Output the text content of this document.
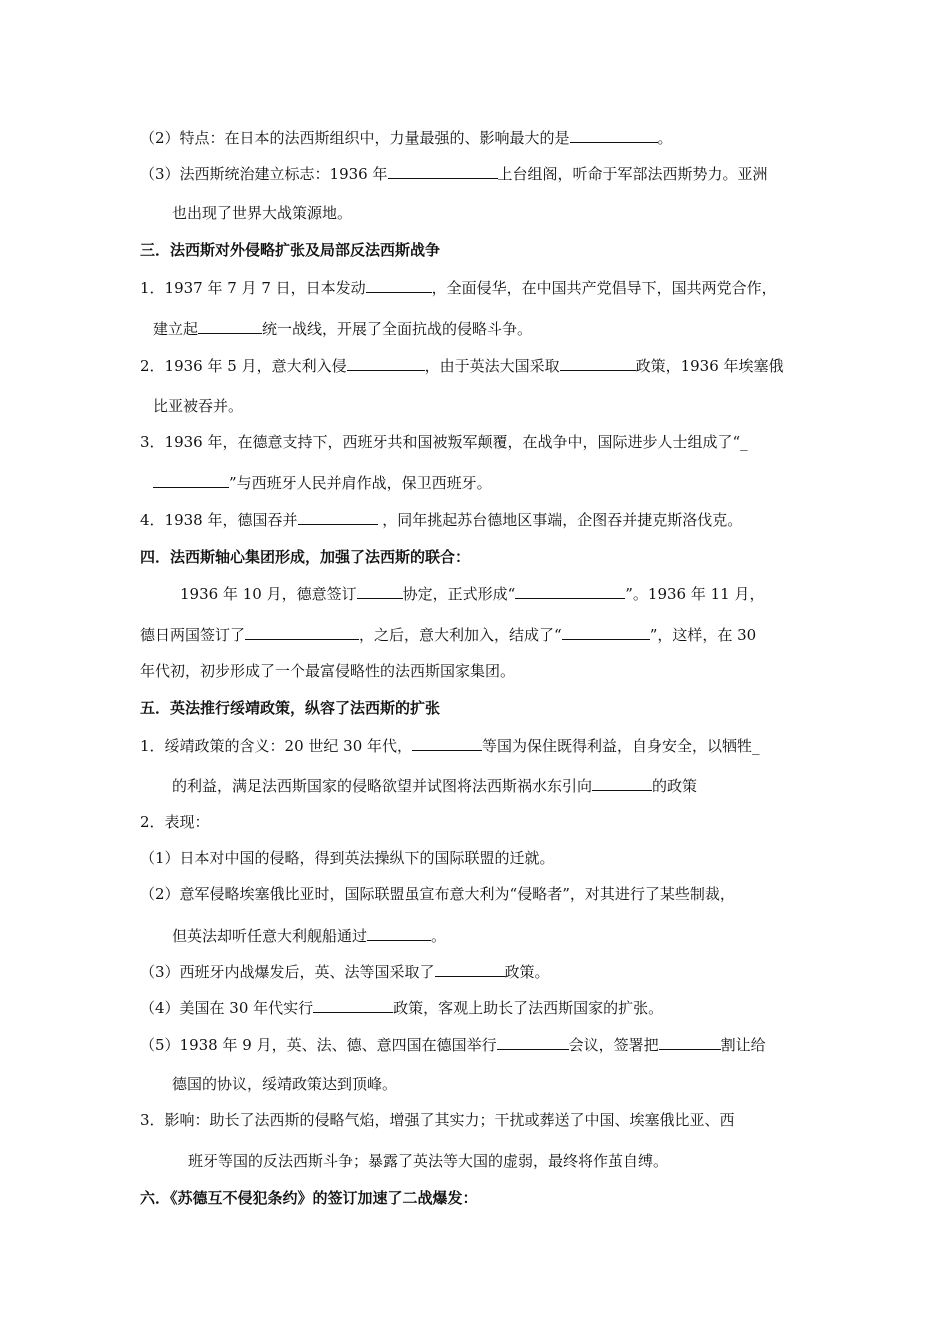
（2）特点：在日本的法西斯组织中，力量最强的、影响最大的是	。
（3）法西斯统治建立标志：1936 年	上台组阁，听命于军部法西斯势力。亚洲
也出现了世界大战策源地。
三．法西斯对外侵略扩张及局部反法西斯战争
1．1937 年 7 月 7 日，日本发动	，全面侵华，在中国共产党倡导下，国共两党合作，
建立起	统一战线，开展了全面抗战的侵略斗争。
2．1936 年 5 月，意大利入侵	，由于英法大国采取	政策，1936 年埃塞俄
比亚被吞并。
3．1936 年，在德意支持下，西班牙共和国被叛军颠覆，在战争中，国际进步人士组成了“_
”与西班牙人民并肩作战，保卫西班牙。
4．1938 年，德国吞并	，同年挑起苏台德地区事端，企图吞并捷克斯洛伐克。
四．法西斯轴心集团形成，加强了法西斯的联合：
1936 年 10 月，德意签订	协定，正式形成“	”。1936 年 11 月，
德日两国签订了	，之后，意大利加入，结成了“	”，这样，在 30
年代初，初步形成了一个最富侵略性的法西斯国家集团。
五．英法推行绥靖政策，纵容了法西斯的扩张
1．绥靖政策的含义：20 世纪 30 年代，	等国为保住既得利益，自身安全，以牺牲_
的利益，满足法西斯国家的侵略欲望并试图将法西斯祸水东引向	的政策
2．表现：
（1）日本对中国的侵略，得到英法操纵下的国际联盟的迁就。
（2）意军侵略埃塞俄比亚时，国际联盟虽宣布意大利为“侵略者”，对其进行了某些制裁，
但英法却听任意大利舰船通过	。
（3）西班牙内战爆发后，英、法等国采取了	政策。
（4）美国在 30 年代实行	政策，客观上助长了法西斯国家的扩张。
（5）1938 年 9 月，英、法、德、意四国在德国举行	会议，签署把	割让给
德国的协议，绥靖政策达到顶峰。
3．影响：助长了法西斯的侵略气焰，增强了其实力；干扰或葬送了中国、埃塞俄比亚、西
班牙等国的反法西斯斗争；暴露了英法等大国的虚弱，最终将作茧自缚。
六．《苏德互不侵犯条约》的签订加速了二战爆发：
